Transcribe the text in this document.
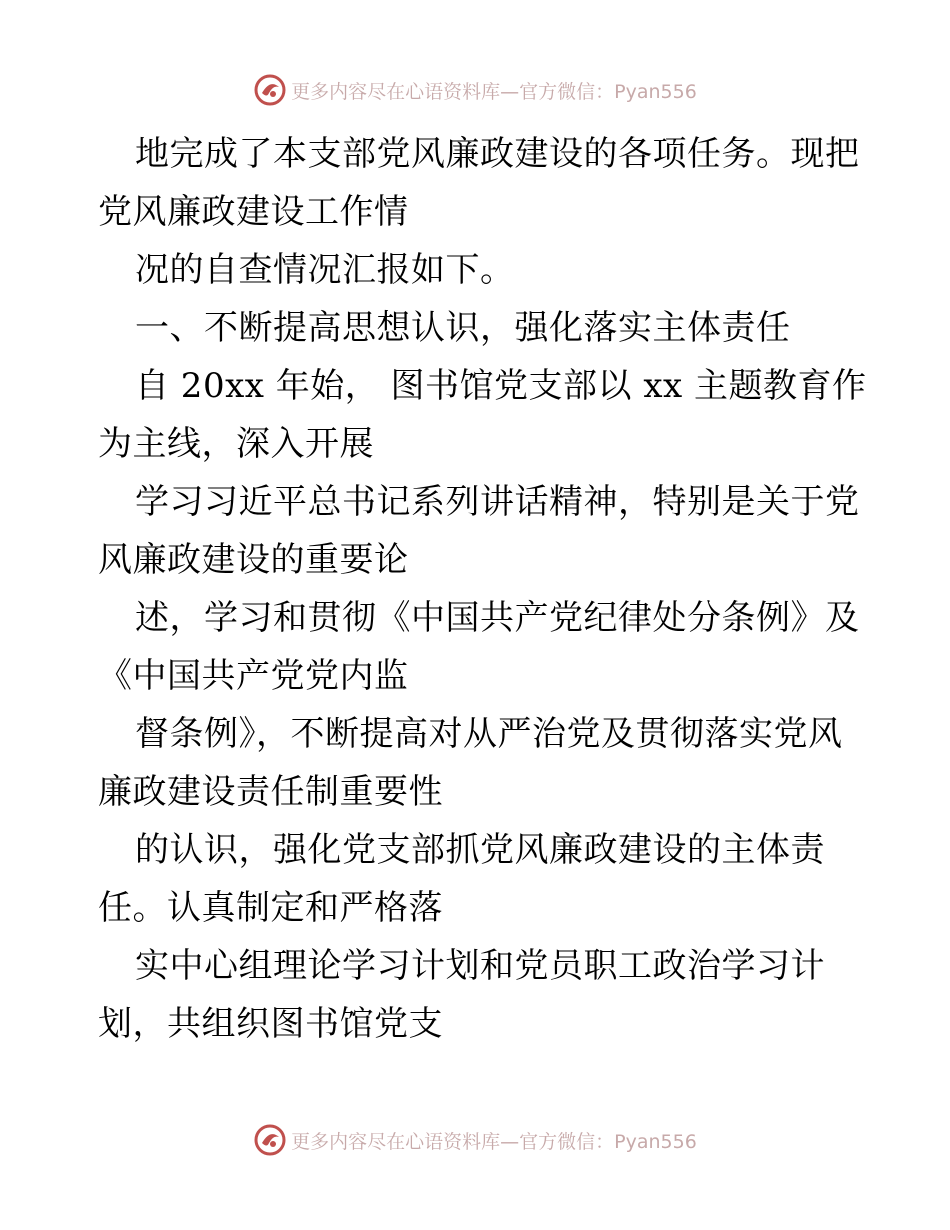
更多内容尽在心语资料库—官方微信：Pyan556

地完成了本支部党风廉政建设的各项任务。现把党风廉政建设工作情

况的自查情况汇报如下。

一、不断提高思想认识，强化落实主体责任

自 20xx 年始， 图书馆党支部以 xx 主题教育作为主线，深入开展

学习习近平总书记系列讲话精神，特别是关于党风廉政建设的重要论

述，学习和贯彻《中国共产党纪律处分条例》及《中国共产党党内监

督条例》，不断提高对从严治党及贯彻落实党风廉政建设责任制重要性

的认识，强化党支部抓党风廉政建设的主体责任。认真制定和严格落

实中心组理论学习计划和党员职工政治学习计划，共组织图书馆党支

更多内容尽在心语资料库—官方微信：Pyan556
